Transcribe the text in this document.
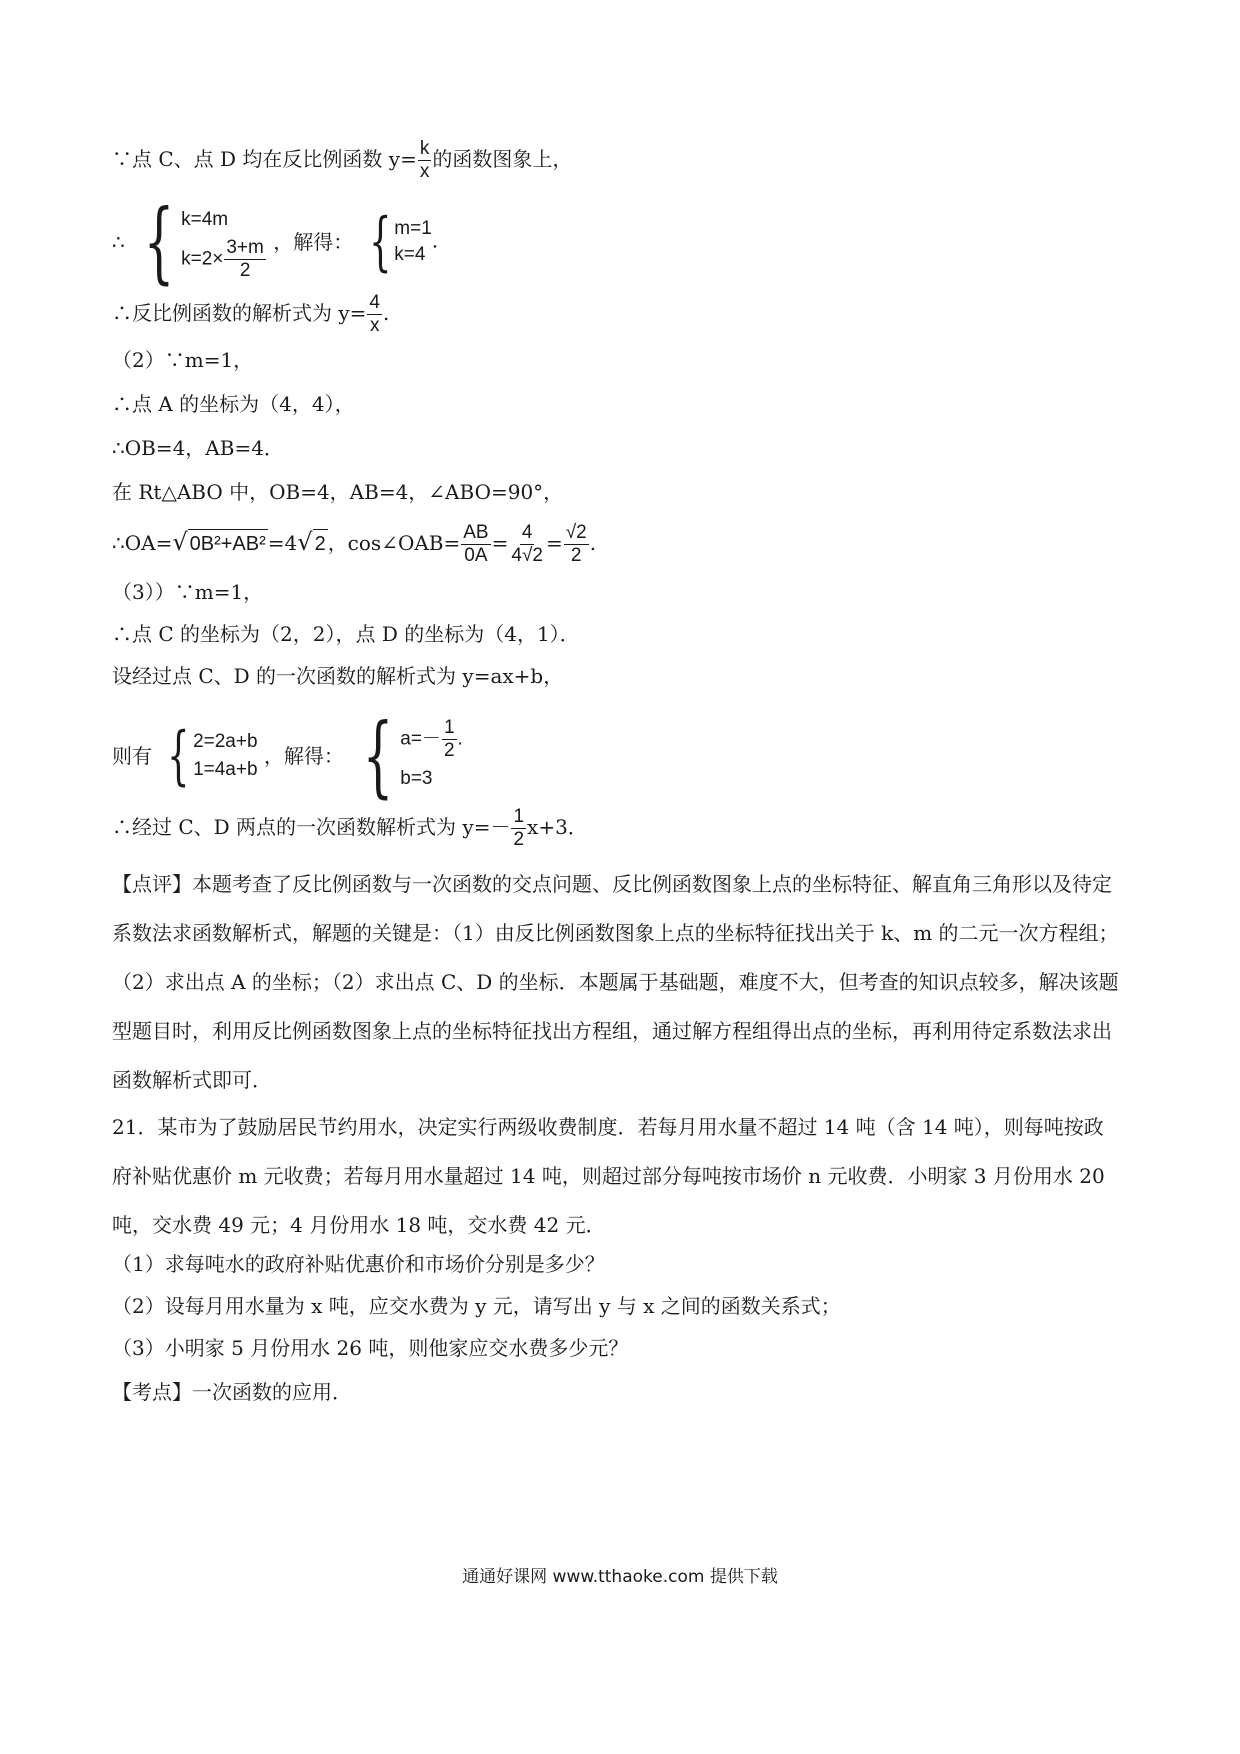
∵点 C、点 D 均在反比例函数 $y= \frac{k}{x}$ 的函数图象上，
∴ { k=4m
$k=2\times \frac{3+m}{2}$ ，解得： { m=1
k=4
.
∴反比例函数的解析式为 $y= \frac{4}{x}$ .
（2）∵m=1，
∴点 A 的坐标为（4，4），
∴OB=4，AB=4．
在 Rt△ABO 中，OB=4，AB=4，∠ABO=90°，
∴OA=√ 0B²+AB² =4√ 2 ，cos∠OAB= $\frac{AB}{0A} = \frac{4}{4√2} = \frac{√2}{2}$ .
（3））∵m=1，
∴点 C 的坐标为（2，2），点 D 的坐标为（4，1）．
设经过点 C、D 的一次函数的解析式为 y=ax+b，
则有 { 2=2a+b
1=4a+b
，解得： { $a=- \frac{1}{2}$ .
b=3
∴经过 C、D 两点的一次函数解析式为 $y=- \frac{1}{2} x+3$．
【点评】本题考查了反比例函数与一次函数的交点问题、反比例函数图象上点的坐标特征、解直角三角形以及待定系数法求函数解析式，解题的关键是：（1）由反比例函数图象上点的坐标特征找出关于 k、m 的二元一次方程组；（2）求出点 A 的坐标；（2）求出点 C、D 的坐标．本题属于基础题，难度不大，但考查的知识点较多，解决该题型题目时，利用反比例函数图象上点的坐标特征找出方程组，通过解方程组得出点的坐标，再利用待定系数法求出函数解析式即可．
21．某市为了鼓励居民节约用水，决定实行两级收费制度．若每月用水量不超过 14 吨（含 14 吨），则每吨按政府补贴优惠价 m 元收费；若每月用水量超过 14 吨，则超过部分每吨按市场价 n 元收费．小明家 3 月份用水 20 吨，交水费 49 元；4 月份用水 18 吨，交水费 42 元．
（1）求每吨水的政府补贴优惠价和市场价分别是多少？
（2）设每月用水量为 x 吨，应交水费为 y 元，请写出 y 与 x 之间的函数关系式；
（3）小明家 5 月份用水 26 吨，则他家应交水费多少元？
【考点】一次函数的应用．
通通好课网 www.tthaoke.com 提供下载
